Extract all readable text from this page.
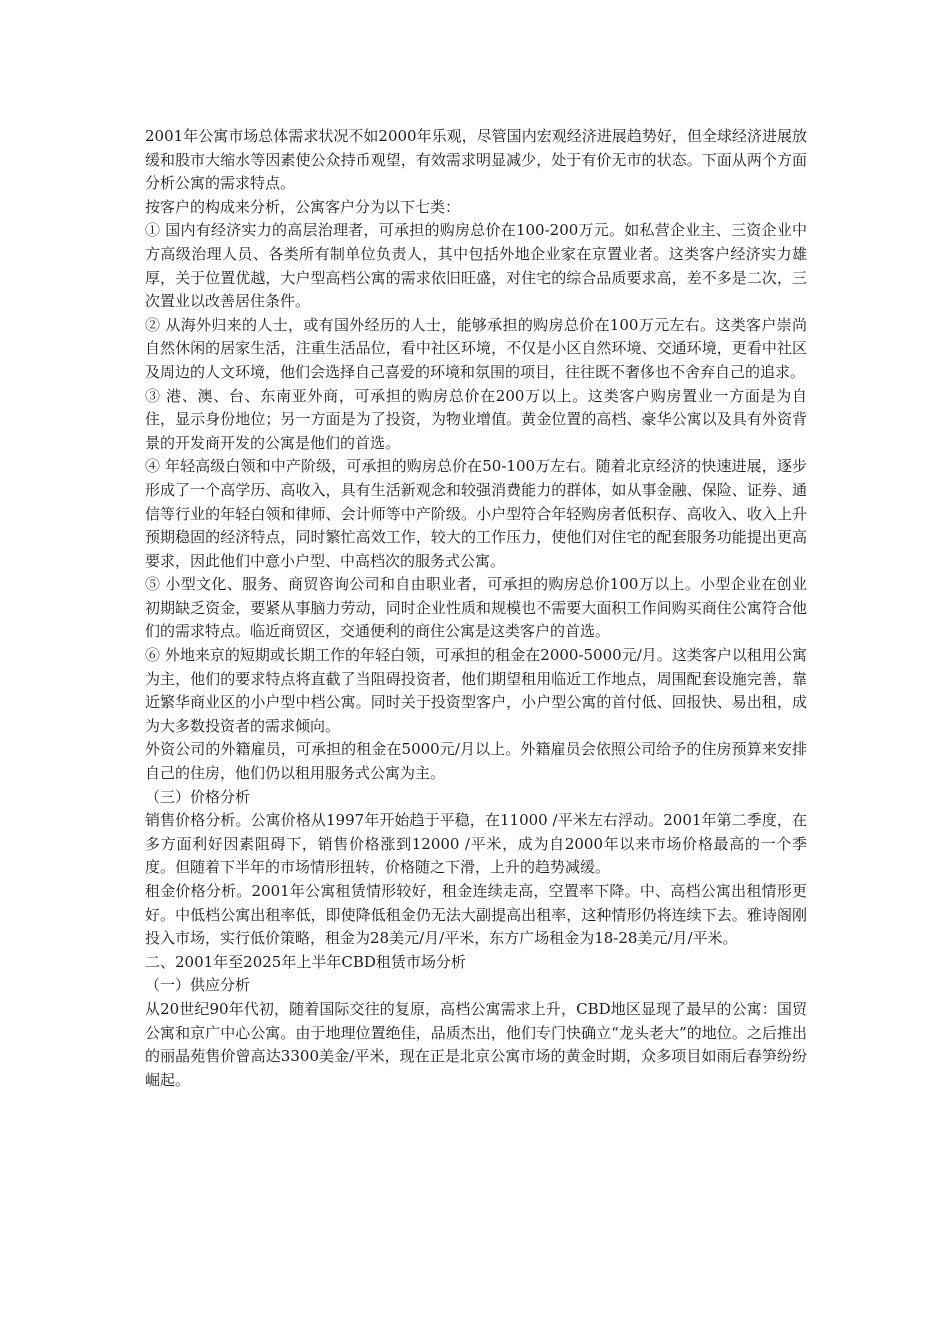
2001年公寓市场总体需求状况不如2000年乐观，尽管国内宏观经济进展趋势好，但全球经济进展放缓和股市大缩水等因素使公众持币观望，有效需求明显减少，处于有价无市的状态。下面从两个方面分析公寓的需求特点。

按客户的构成来分析，公寓客户分为以下七类：

① 国内有经济实力的高层治理者，可承担的购房总价在100-200万元。如私营企业主、三资企业中方高级治理人员、各类所有制单位负责人，其中包括外地企业家在京置业者。这类客户经济实力雄厚，关于位置优越，大户型高档公寓的需求依旧旺盛，对住宅的综合品质要求高，差不多是二次，三次置业以改善居住条件。

② 从海外归来的人士，或有国外经历的人士，能够承担的购房总价在100万元左右。这类客户崇尚自然休闲的居家生活，注重生活品位，看中社区环境，不仅是小区自然环境、交通环境，更看中社区及周边的人文环境，他们会选择自己喜爱的环境和氛围的项目，往往既不奢侈也不舍弃自己的追求。

③ 港、澳、台、东南亚外商，可承担的购房总价在200万以上。这类客户购房置业一方面是为自住，显示身份地位；另一方面是为了投资，为物业增值。黄金位置的高档、豪华公寓以及具有外资背景的开发商开发的公寓是他们的首选。

④ 年轻高级白领和中产阶级，可承担的购房总价在50-100万左右。随着北京经济的快速进展，逐步形成了一个高学历、高收入，具有生活新观念和较强消费能力的群体，如从事金融、保险、证券、通信等行业的年轻白领和律师、会计师等中产阶级。小户型符合年轻购房者低积存、高收入、收入上升预期稳固的经济特点，同时繁忙高效工作，较大的工作压力，使他们对住宅的配套服务功能提出更高要求，因此他们中意小户型、中高档次的服务式公寓。

⑤ 小型文化、服务、商贸咨询公司和自由职业者，可承担的购房总价100万以上。小型企业在创业初期缺乏资金，要紧从事脑力劳动，同时企业性质和规模也不需要大面积工作间购买商住公寓符合他们的需求特点。临近商贸区，交通便利的商住公寓是这类客户的首选。

⑥ 外地来京的短期或长期工作的年轻白领，可承担的租金在2000-5000元/月。这类客户以租用公寓为主，他们的要求特点将直截了当阻碍投资者，他们期望租用临近工作地点，周围配套设施完善，靠近繁华商业区的小户型中档公寓。同时关于投资型客户，小户型公寓的首付低、回报快、易出租，成为大多数投资者的需求倾向。

外资公司的外籍雇员，可承担的租金在5000元/月以上。外籍雇员会依照公司给予的住房预算来安排自己的住房，他们仍以租用服务式公寓为主。

（三）价格分析

销售价格分析。公寓价格从1997年开始趋于平稳，在11000 /平米左右浮动。2001年第二季度，在多方面利好因素阻碍下，销售价格涨到12000 /平米，成为自2000年以来市场价格最高的一个季度。但随着下半年的市场情形扭转，价格随之下滑，上升的趋势减缓。

租金价格分析。2001年公寓租赁情形较好，租金连续走高，空置率下降。中、高档公寓出租情形更好。中低档公寓出租率低，即使降低租金仍无法大副提高出租率，这种情形仍将连续下去。雅诗阁刚投入市场，实行低价策略，租金为28美元/月/平米，东方广场租金为18-28美元/月/平米。

二、2001年至2025年上半年CBD租赁市场分析

（一）供应分析

从20世纪90年代初，随着国际交往的复原，高档公寓需求上升，CBD地区显现了最早的公寓：国贸公寓和京广中心公寓。由于地理位置绝佳，品质杰出，他们专门快确立“龙头老大”的地位。之后推出的丽晶苑售价曾高达3300美金/平米，现在正是北京公寓市场的黄金时期，众多项目如雨后春笋纷纷崛起。
